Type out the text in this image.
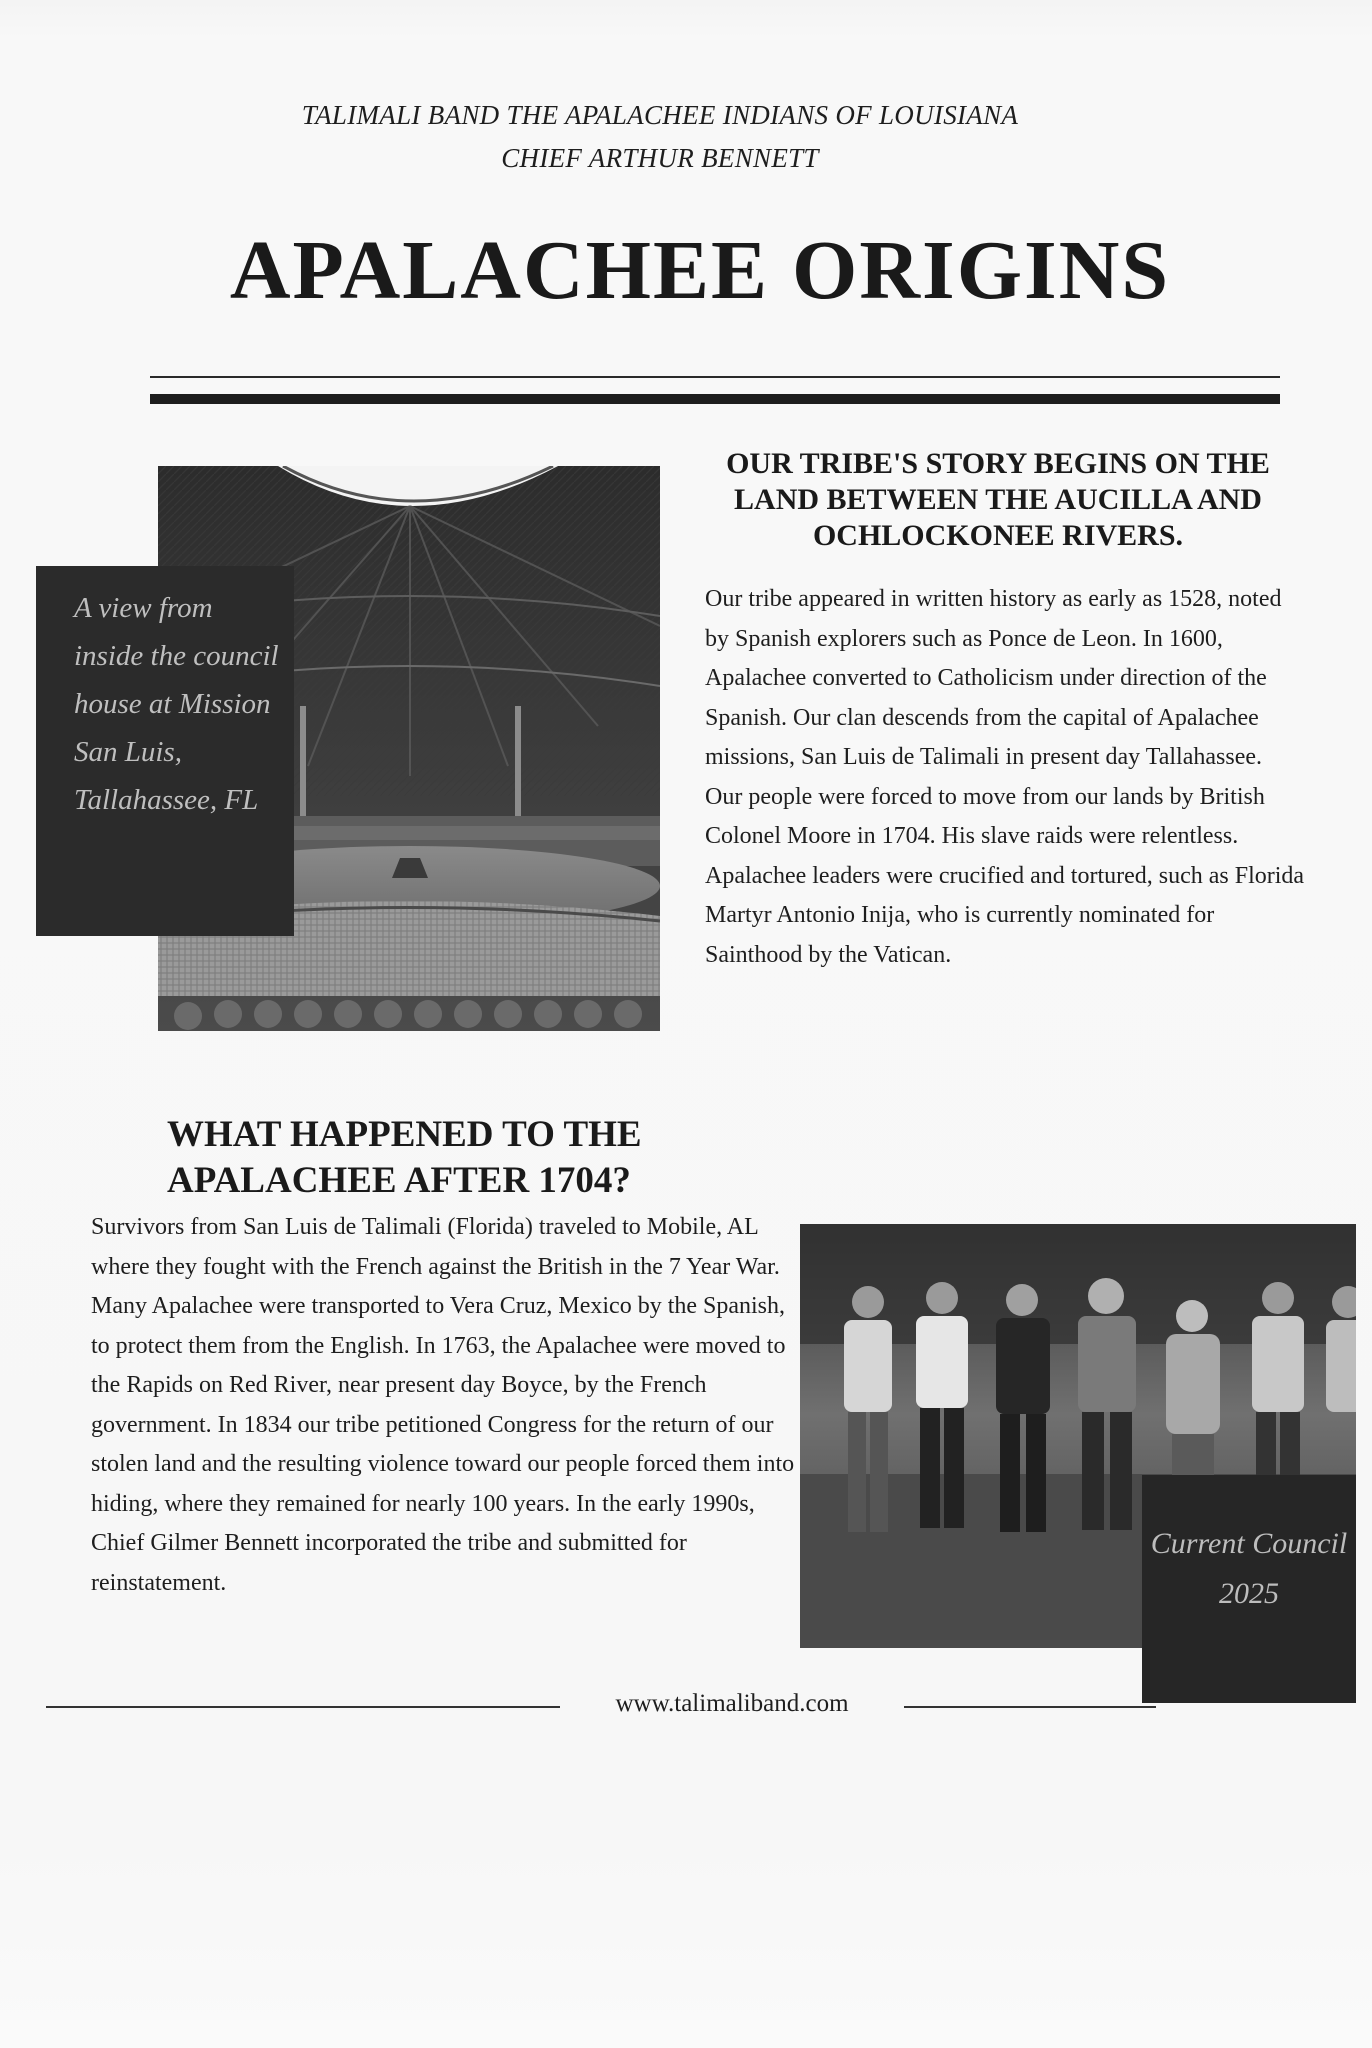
TALIMALI BAND THE APALACHEE INDIANS OF LOUISIANA
CHIEF ARTHUR BENNETT
APALACHEE ORIGINS
A view from inside the council house at Mission San Luis, Tallahassee, FL
OUR TRIBE'S STORY BEGINS ON THE LAND BETWEEN THE AUCILLA AND OCHLOCKONEE RIVERS.
Our tribe appeared in written history as early as 1528, noted by Spanish explorers such as Ponce de Leon. In 1600, Apalachee converted to Catholicism under direction of the Spanish. Our clan descends from the capital of Apalachee missions, San Luis de Talimali in present day Tallahassee. Our people were forced to move from our lands by British Colonel Moore in 1704. His slave raids were relentless. Apalachee leaders were crucified and tortured, such as Florida Martyr Antonio Inija, who is currently nominated for Sainthood by the Vatican.
WHAT HAPPENED TO THE APALACHEE AFTER 1704?
Survivors from San Luis de Talimali (Florida) traveled to Mobile, AL where they fought with the French against the British in the 7 Year War. Many Apalachee were transported to Vera Cruz, Mexico by the Spanish, to protect them from the English. In 1763, the Apalachee were moved to the Rapids on Red River, near present day Boyce, by the French government. In 1834 our tribe petitioned Congress for the return of our stolen land and the resulting violence toward our people forced them into hiding, where they remained for nearly 100 years. In the early 1990s, Chief Gilmer Bennett incorporated the tribe and submitted for reinstatement.
Current Council 2025
www.talimaliband.com
